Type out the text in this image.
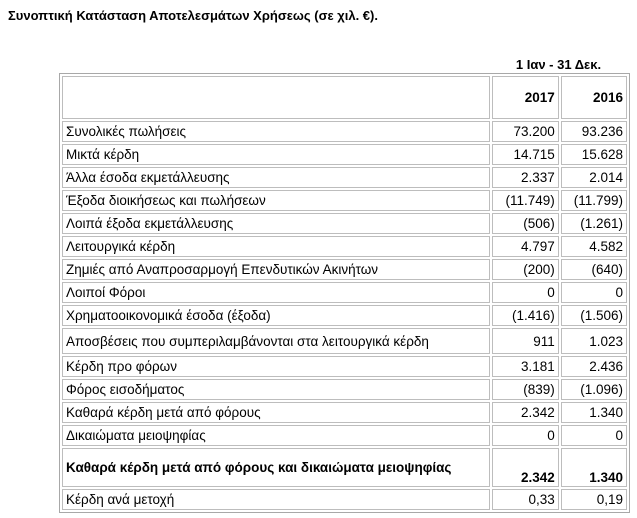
Συνοπτική Κατάσταση Αποτελεσμάτων Χρήσεως (σε χιλ. €).
1 Ιαν - 31 Δεκ.
	2017	2016
Συνολικές πωλήσεις	73.200	93.236
Μικτά κέρδη	14.715	15.628
Άλλα έσοδα εκμετάλλευσης	2.337	2.014
Έξοδα διοικήσεως και πωλήσεων	(11.749)	(11.799)
Λοιπά έξοδα εκμετάλλευσης	(506)	(1.261)
Λειτουργικά κέρδη	4.797	4.582
Ζημιές από Αναπροσαρμογή Επενδυτικών Ακινήτων	(200)	(640)
Λοιποί Φόροι	0	0
Χρηματοοικονομικά έσοδα (έξοδα)	(1.416)	(1.506)
Αποσβέσεις που συμπεριλαμβάνονται στα λειτουργικά κέρδη	911	1.023
Κέρδη προ φόρων	3.181	2.436
Φόρος εισοδήματος	(839)	(1.096)
Καθαρά κέρδη μετά από φόρους	2.342	1.340
Δικαιώματα μειοψηφίας	0	0
Καθαρά κέρδη μετά από φόρους και δικαιώματα μειοψηφίας	2.342	1.340
Κέρδη ανά μετοχή	0,33	0,19
